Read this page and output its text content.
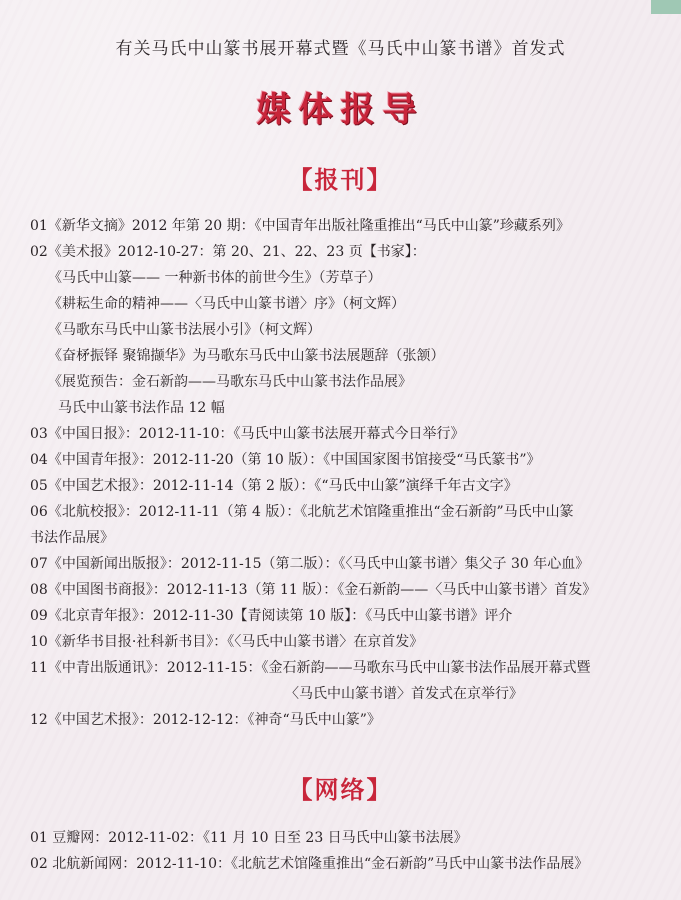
有关马氏中山篆书展开幕式暨《马氏中山篆书谱》首发式
媒体报导
【报刊】
01《新华文摘》2012 年第 20 期：《中国青年出版社隆重推出“马氏中山篆”珍藏系列》
02《美术报》2012-10-27：第 20、21、22、23 页【书家】：
《马氏中山篆—— 一种新书体的前世今生》（芳草子）
《耕耘生命的精神——〈马氏中山篆书谱〉序》（柯文辉）
《马歌东马氏中山篆书法展小引》（柯文辉）
《奋柕振铎 聚锦撷华》为马歌东马氏中山篆书法展题辞（张颔）
《展览预告：金石新韵——马歌东马氏中山篆书法作品展》
马氏中山篆书法作品 12 幅
03《中国日报》：2012-11-10：《马氏中山篆书法展开幕式今日举行》
04《中国青年报》：2012-11-20（第 10 版）：《中国国家图书馆接受“马氏篆书”》
05《中国艺术报》：2012-11-14（第 2 版）：《“马氏中山篆”演绎千年古文字》
06《北航校报》：2012-11-11（第 4 版）：《北航艺术馆隆重推出“金石新韵”马氏中山篆
书法作品展》
07《中国新闻出版报》：2012-11-15（第二版）：《〈马氏中山篆书谱〉集父子 30 年心血》
08《中国图书商报》：2012-11-13（第 11 版）：《金石新韵——〈马氏中山篆书谱〉首发》
09《北京青年报》：2012-11-30【青阅读第 10 版】：《马氏中山篆书谱》评介
10《新华书目报·社科新书目》：《〈马氏中山篆书谱〉在京首发》
11《中青出版通讯》：2012-11-15：《金石新韵——马歌东马氏中山篆书法作品展开幕式暨
〈马氏中山篆书谱〉首发式在京举行》
12《中国艺术报》：2012-12-12：《神奇“马氏中山篆”》
【网络】
01 豆瓣网：2012-11-02：《11 月 10 日至 23 日马氏中山篆书法展》
02 北航新闻网：2012-11-10：《北航艺术馆隆重推出“金石新韵”马氏中山篆书法作品展》
